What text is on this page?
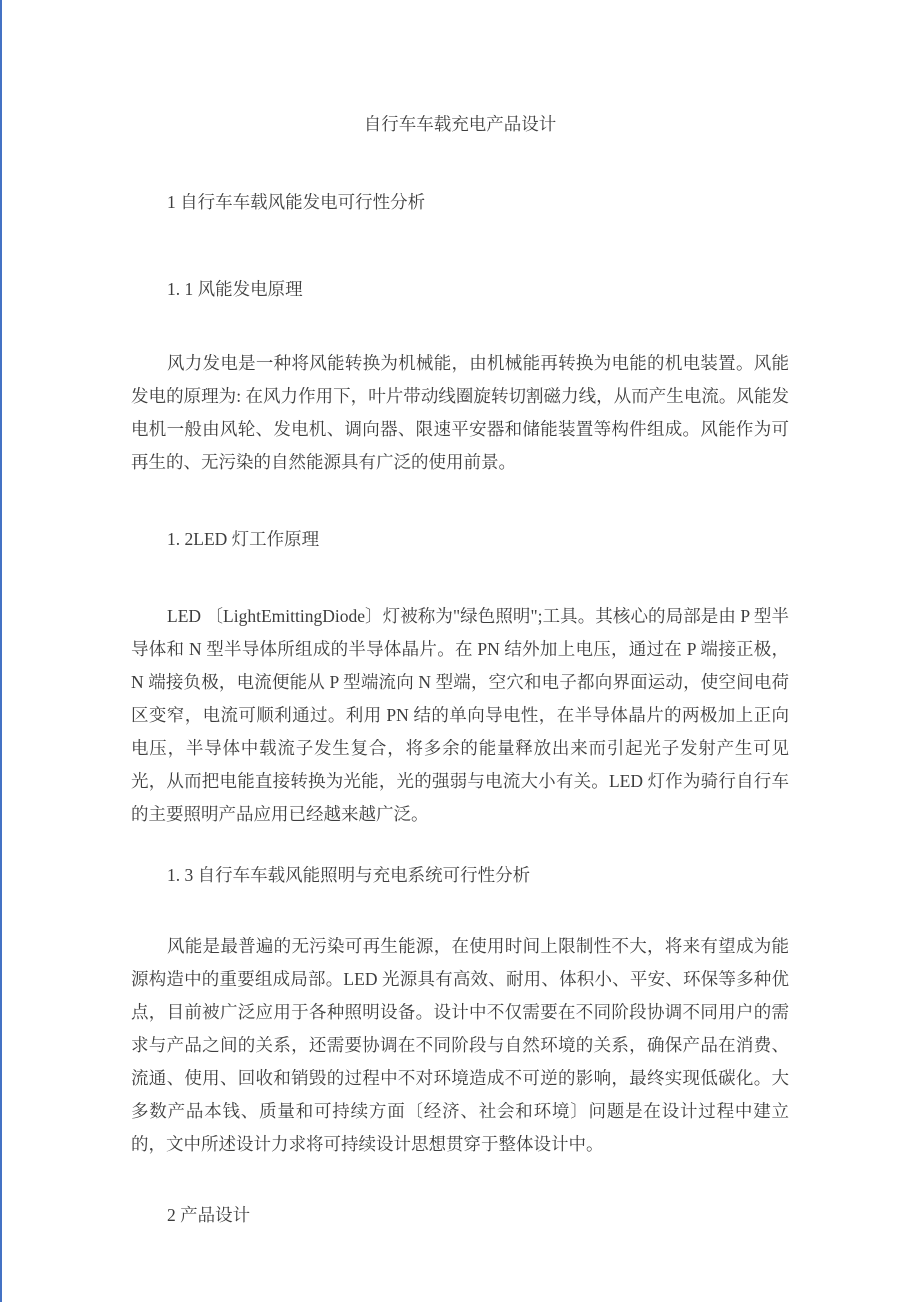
自行车车载充电产品设计
1 自行车车载风能发电可行性分析
1. 1 风能发电原理

风力发电是一种将风能转换为机械能，由机械能再转换为电能的机电装置。风能发电的原理为: 在风力作用下，叶片带动线圈旋转切割磁力线，从而产生电流。风能发电机一般由风轮、发电机、调向器、限速平安器和储能装置等构件组成。风能作为可再生的、无污染的自然能源具有广泛的使用前景。

1. 2LED 灯工作原理

LED 〔LightEmittingDiode〕灯被称为"绿色照明";工具。其核心的局部是由 P 型半导体和 N 型半导体所组成的半导体晶片。在 PN 结外加上电压，通过在 P 端接正极，N 端接负极，电流便能从 P 型端流向 N 型端，空穴和电子都向界面运动，使空间电荷区变窄，电流可顺利通过。利用 PN 结的单向导电性，在半导体晶片的两极加上正向电压，半导体中载流子发生复合，将多余的能量释放出来而引起光子发射产生可见光，从而把电能直接转换为光能，光的强弱与电流大小有关。LED 灯作为骑行自行车的主要照明产品应用已经越来越广泛。

1. 3 自行车车载风能照明与充电系统可行性分析

风能是最普遍的无污染可再生能源，在使用时间上限制性不大，将来有望成为能源构造中的重要组成局部。LED 光源具有高效、耐用、体积小、平安、环保等多种优点，目前被广泛应用于各种照明设备。设计中不仅需要在不同阶段协调不同用户的需求与产品之间的关系，还需要协调在不同阶段与自然环境的关系，确保产品在消费、流通、使用、回收和销毁的过程中不对环境造成不可逆的影响，最终实现低碳化。大多数产品本钱、质量和可持续方面〔经济、社会和环境〕问题是在设计过程中建立的，文中所述设计力求将可持续设计思想贯穿于整体设计中。

2 产品设计
